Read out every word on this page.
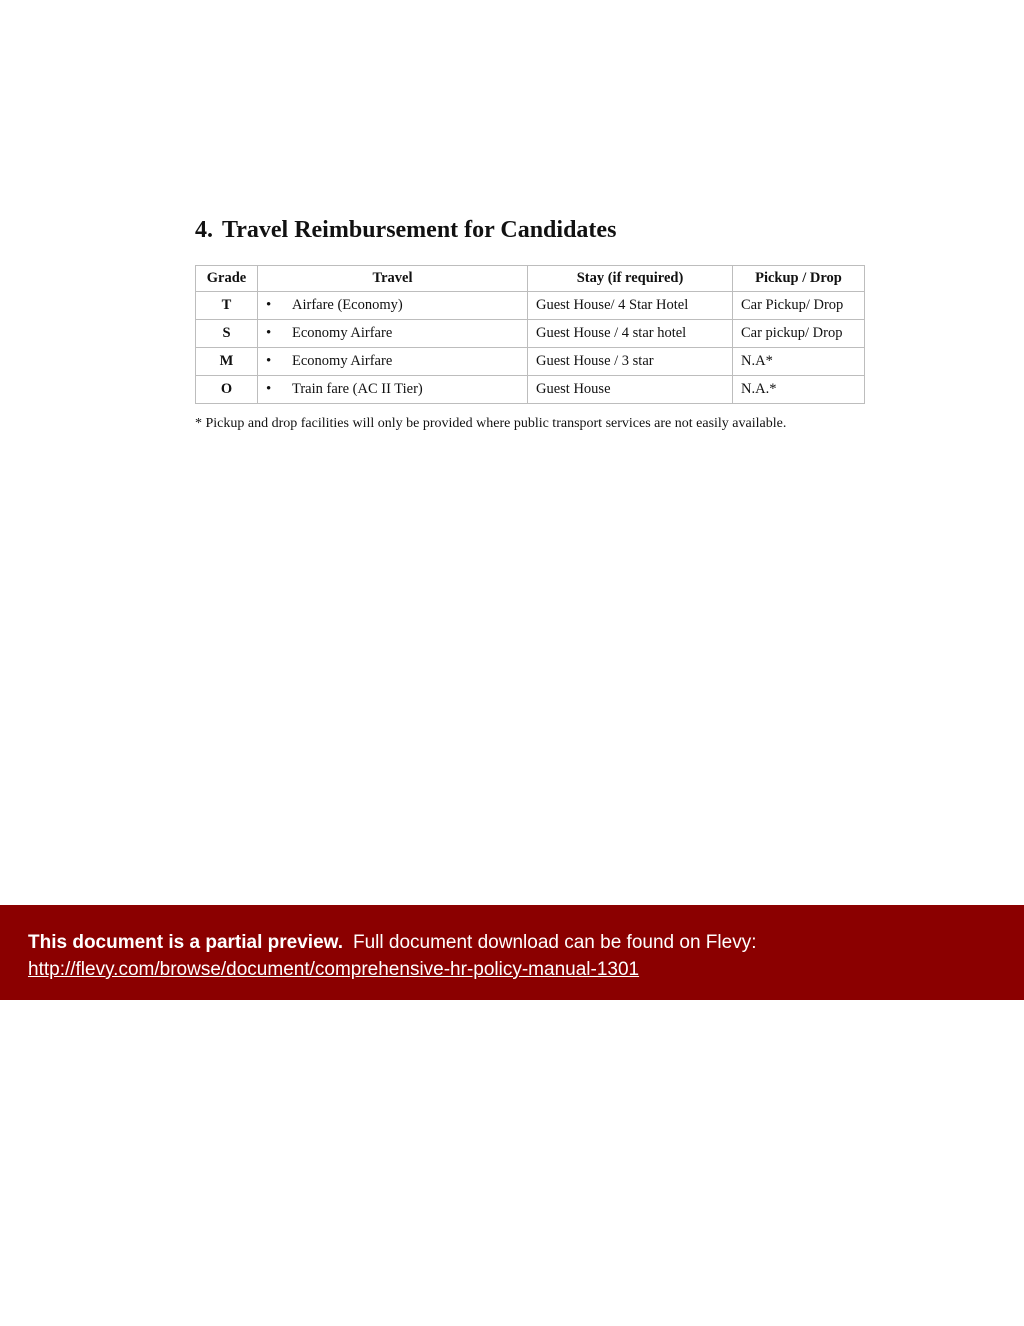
4. Travel Reimbursement for Candidates
Grade	Travel	Stay (if required)	Pickup / Drop
T	• Airfare (Economy)	Guest House/ 4 Star Hotel	Car Pickup/ Drop
S	• Economy Airfare	Guest House / 4 star hotel	Car pickup/ Drop
M	• Economy Airfare	Guest House / 3 star	N.A*
O	• Train fare (AC II Tier)	Guest House	N.A.*
* Pickup and drop facilities will only be provided where public transport services are not easily available.
This document is a partial preview. Full document download can be found on Flevy:
http://flevy.com/browse/document/comprehensive-hr-policy-manual-1301
